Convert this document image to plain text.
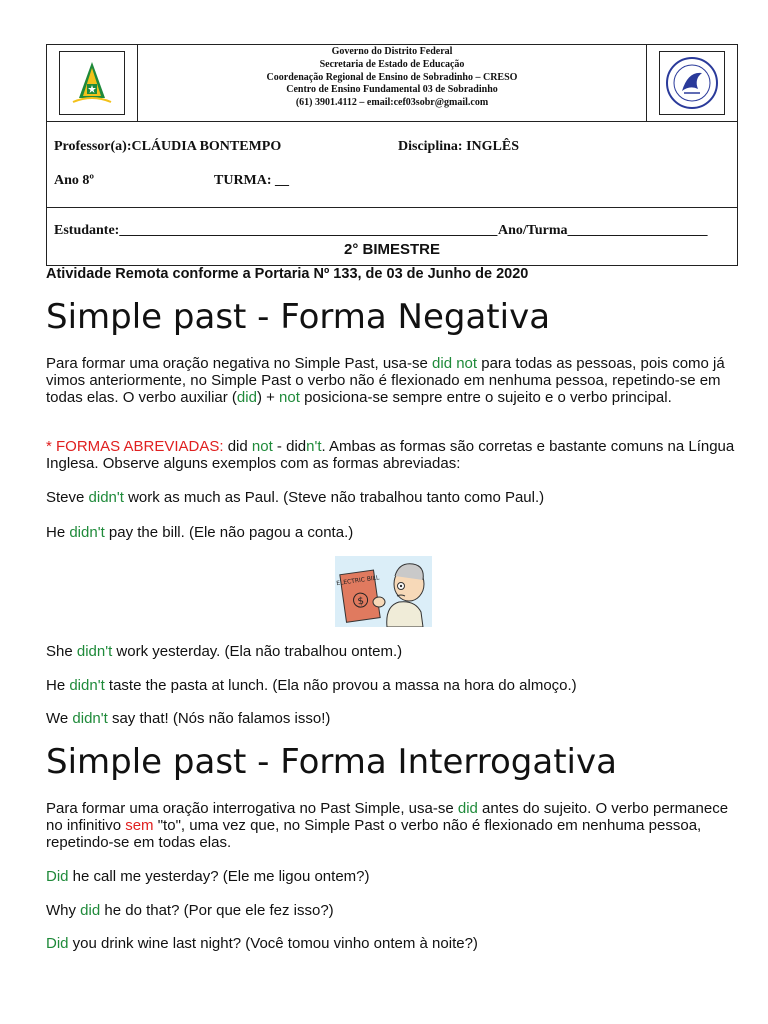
Governo do Distrito Federal
Secretaria de Estado de Educação
Coordenação Regional de Ensino de Sobradinho – CRESO
Centro de Ensino Fundamental 03 de Sobradinho
(61) 3901.4112 – email:cef03sobr@gmail.com
Professor(a):CLÁUDIA BONTEMPO	Disciplina: INGLÊS
Ano 8º	TURMA: __
Estudante:______________________________________________________ Ano/Turma____________________
2° BIMESTRE
Atividade Remota conforme a Portaria Nº 133, de 03 de Junho de 2020
Simple past - Forma Negativa
Para formar uma oração negativa no Simple Past, usa-se did not para todas as pessoas, pois como já vimos anteriormente, no Simple Past o verbo não é flexionado em nenhuma pessoa, repetindo-se em todas elas. O verbo auxiliar (did) + not posiciona-se sempre entre o sujeito e o verbo principal.
* FORMAS ABREVIADAS: did not - didn't. Ambas as formas são corretas e bastante comuns na Língua Inglesa. Observe alguns exemplos com as formas abreviadas:
Steve didn't work as much as Paul. (Steve não trabalhou tanto como Paul.)
He didn't pay the bill. (Ele não pagou a conta.)
ELECTRIC BILL
$
She didn't work yesterday. (Ela não trabalhou ontem.)
He didn't taste the pasta at lunch. (Ela não provou a massa na hora do almoço.)
We didn't say that! (Nós não falamos isso!)
Simple past - Forma Interrogativa
Para formar uma oração interrogativa no Past Simple, usa-se did antes do sujeito. O verbo permanece no infinitivo sem "to", uma vez que, no Simple Past o verbo não é flexionado em nenhuma pessoa, repetindo-se em todas elas.
Did he call me yesterday? (Ele me ligou ontem?)
Why did he do that? (Por que ele fez isso?)
Did you drink wine last night? (Você tomou vinho ontem à noite?)
